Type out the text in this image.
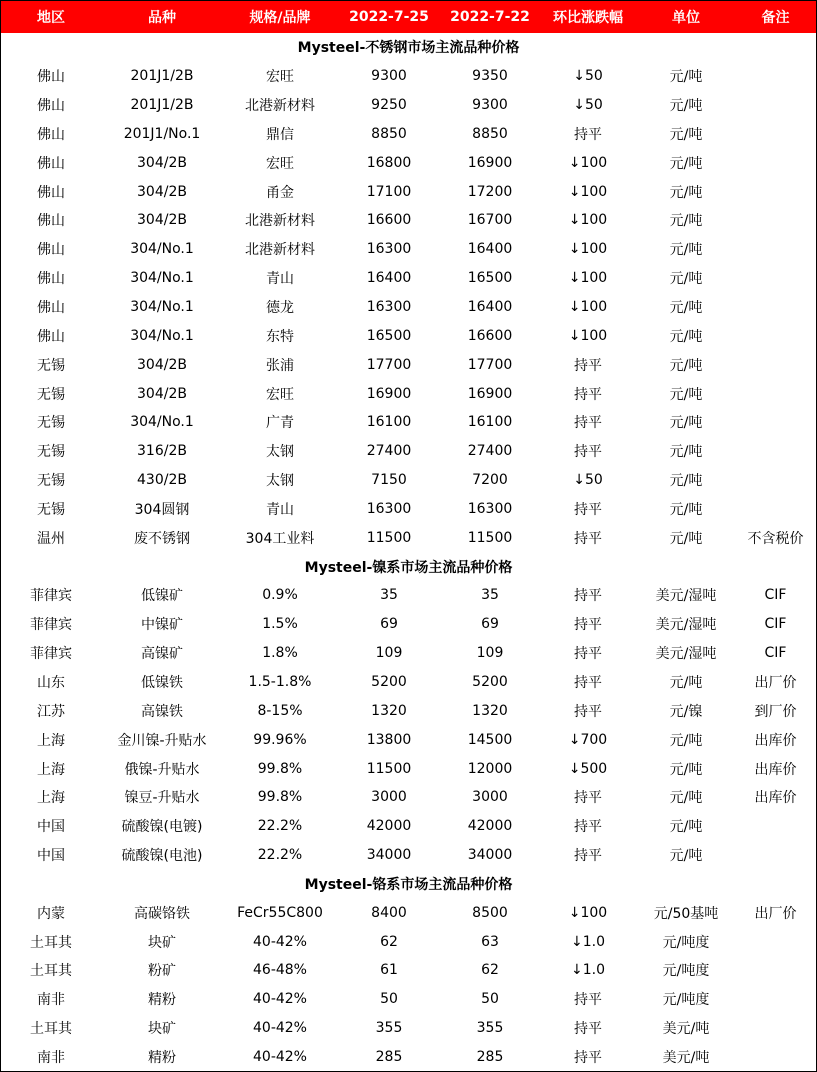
地区	品种	规格/品牌	2022-7-25	2022-7-22	环比涨跌幅	单位	备注
Mysteel-不锈钢市场主流品种价格							
佛山	201J1/2B	宏旺	9300	9350	↓50	元/吨	
佛山	201J1/2B	北港新材料	9250	9300	↓50	元/吨	
佛山	201J1/No.1	鼎信	8850	8850	持平	元/吨	
佛山	304/2B	宏旺	16800	16900	↓100	元/吨	
佛山	304/2B	甬金	17100	17200	↓100	元/吨	
佛山	304/2B	北港新材料	16600	16700	↓100	元/吨	
佛山	304/No.1	北港新材料	16300	16400	↓100	元/吨	
佛山	304/No.1	青山	16400	16500	↓100	元/吨	
佛山	304/No.1	德龙	16300	16400	↓100	元/吨	
佛山	304/No.1	东特	16500	16600	↓100	元/吨	
无锡	304/2B	张浦	17700	17700	持平	元/吨	
无锡	304/2B	宏旺	16900	16900	持平	元/吨	
无锡	304/No.1	广青	16100	16100	持平	元/吨	
无锡	316/2B	太钢	27400	27400	持平	元/吨	
无锡	430/2B	太钢	7150	7200	↓50	元/吨	
无锡	304圆钢	青山	16300	16300	持平	元/吨	
温州	废不锈钢	304工业料	11500	11500	持平	元/吨	不含税价
Mysteel-镍系市场主流品种价格							
菲律宾	低镍矿	0.9%	35	35	持平	美元/湿吨	CIF
菲律宾	中镍矿	1.5%	69	69	持平	美元/湿吨	CIF
菲律宾	高镍矿	1.8%	109	109	持平	美元/湿吨	CIF
山东	低镍铁	1.5-1.8%	5200	5200	持平	元/吨	出厂价
江苏	高镍铁	8-15%	1320	1320	持平	元/镍	到厂价
上海	金川镍-升贴水	99.96%	13800	14500	↓700	元/吨	出库价
上海	俄镍-升贴水	99.8%	11500	12000	↓500	元/吨	出库价
上海	镍豆-升贴水	99.8%	3000	3000	持平	元/吨	出库价
中国	硫酸镍(电镀)	22.2%	42000	42000	持平	元/吨	
中国	硫酸镍(电池)	22.2%	34000	34000	持平	元/吨	
Mysteel-铬系市场主流品种价格							
内蒙	高碳铬铁	FeCr55C800	8400	8500	↓100	元/50基吨	出厂价
土耳其	块矿	40-42%	62	63	↓1.0	元/吨度	
土耳其	粉矿	46-48%	61	62	↓1.0	元/吨度	
南非	精粉	40-42%	50	50	持平	元/吨度	
土耳其	块矿	40-42%	355	355	持平	美元/吨	
南非	精粉	40-42%	285	285	持平	美元/吨	
